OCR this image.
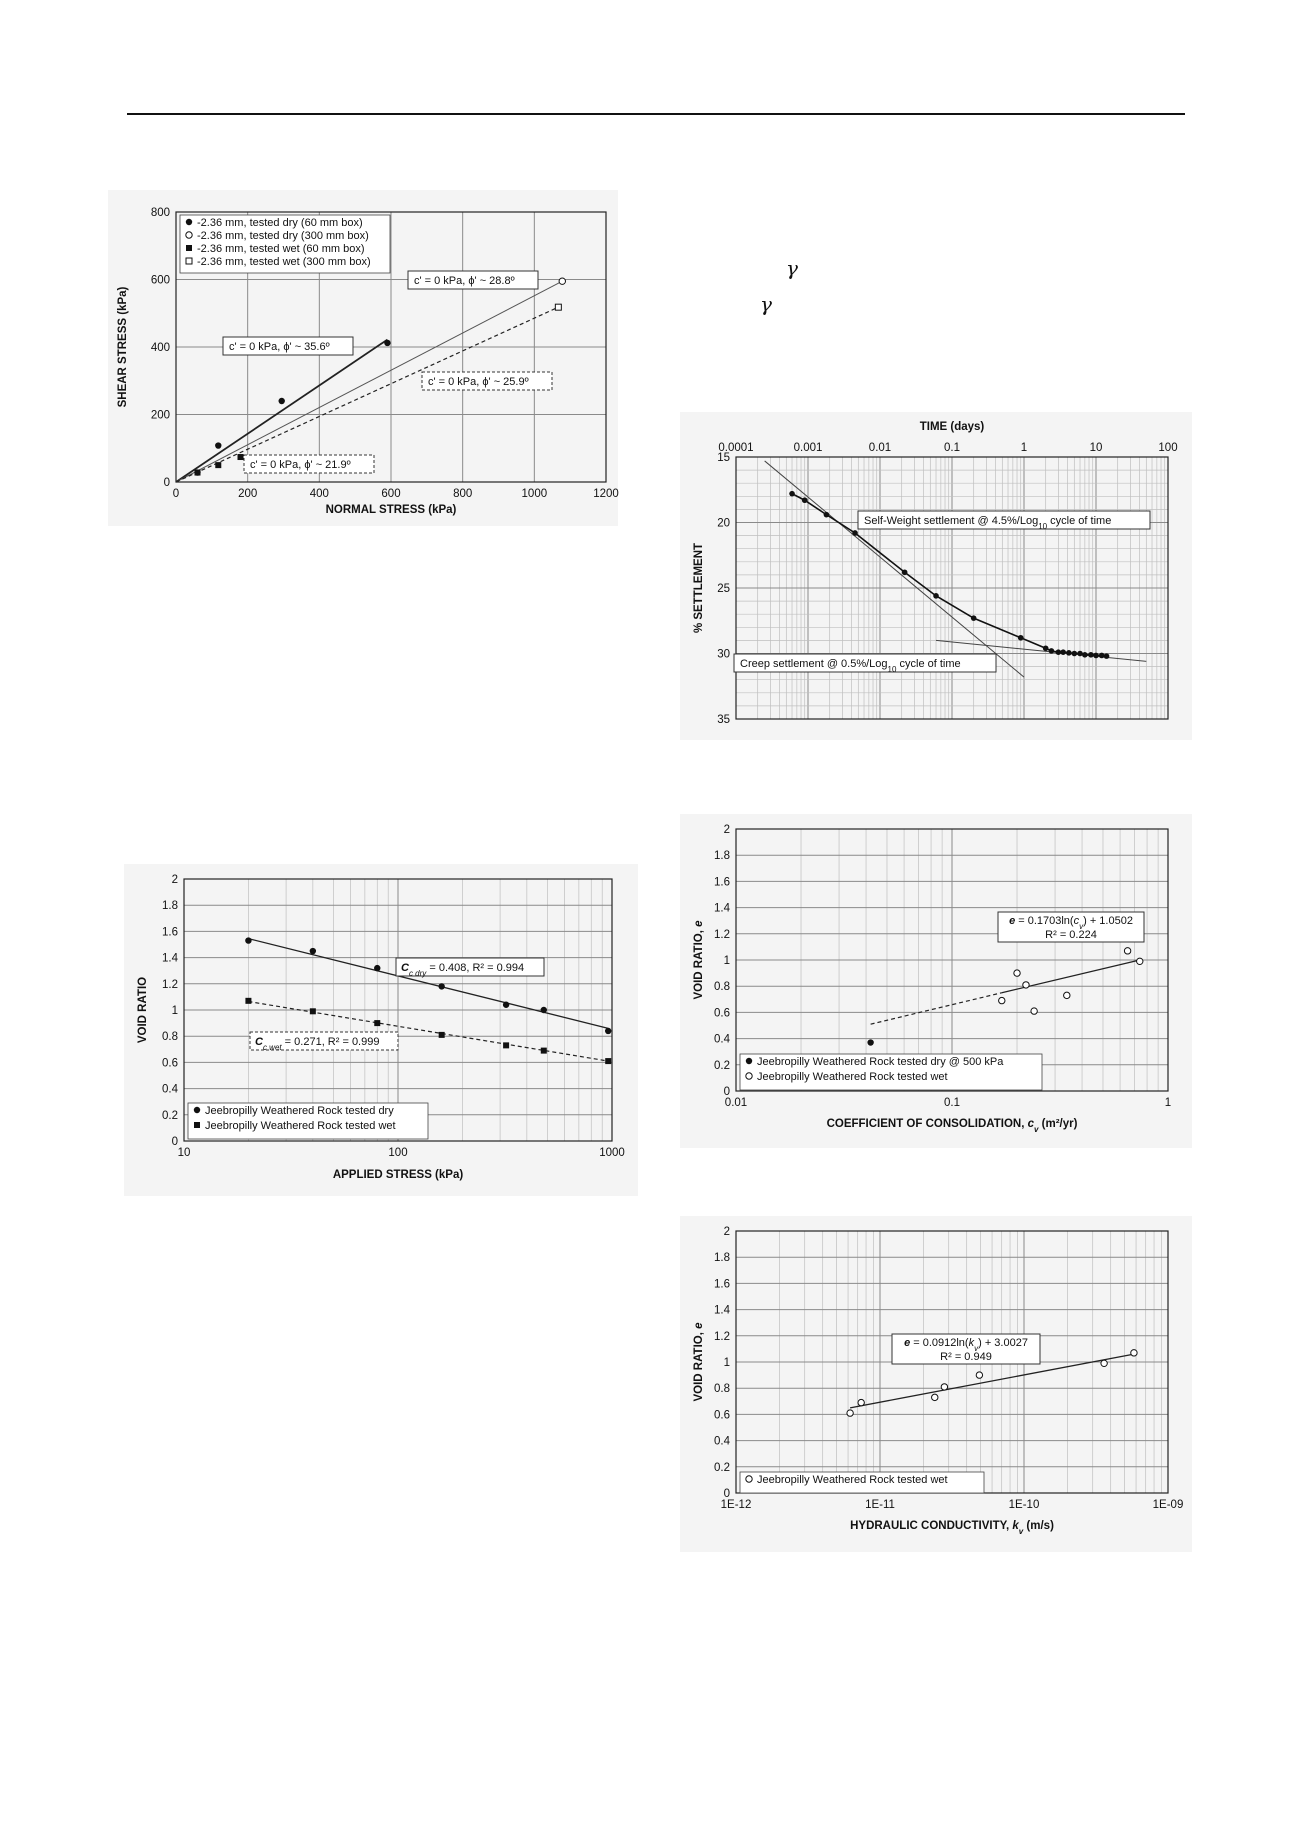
γ
γ
0	200	400	600	800	1000	1200
0
200
400
600
800
-2.36 mm, tested dry (60 mm box)
-2.36 mm, tested dry (300 mm box)
-2.36 mm, tested wet (60 mm box)
-2.36 mm, tested wet (300 mm box)
NORMAL STRESS (kPa)
SHEAR STRESS (kPa)	c' = 0 kPa, ϕ' ~ 35.6º
c' = 0 kPa, ϕ' ~ 28.8º
c' = 0 kPa, ϕ' ~ 25.9º
c' = 0 kPa, ϕ' ~ 21.9º
0.0001	0.001	0.01	0.1	1	10	100
15
20
25
30
35
TIME (days)
% SETTLEMENT
Self-Weight settlement @ 4.5%/Log$_{10}$ cycle of time
Creep settlement @ 0.5%/Log$_{10}$ cycle of time
10	100	1000
0
0.2
0.4
0.6
0.8
1
1.2
1.4
1.6
1.8
2
Jeebropilly Weathered Rock tested dry
Jeebropilly Weathered Rock tested wet
APPLIED STRESS (kPa)
VOID RATIO
$C_{c dry} = 0.408$, R² = 0.994
$C_{c wet} = 0.271$, R² = 0.999
0.01	0.1	1
0
0.2
0.4
0.6
0.8
1
1.2
1.4
1.6
1.8
2
Jeebropilly Weathered Rock tested dry @ 500 kPa
Jeebropilly Weathered Rock tested wet
COEFFICIENT OF CONSOLIDATION, $c_v$ (m²/yr)
VOID RATIO, e	$e = 0.1703\ln(c_v) + 1.0502$
R² = 0.224
1E-12	1E-11	1E-10	1E-09
0
0.2
0.4
0.6
0.8
1
1.2
1.4
1.6
1.8
2
Jeebropilly Weathered Rock tested wet
HYDRAULIC CONDUCTIVITY, $k_v$ (m/s)
VOID RATIO, e
$e = 0.0912\ln(k_v) + 3.0027$
R² = 0.949
